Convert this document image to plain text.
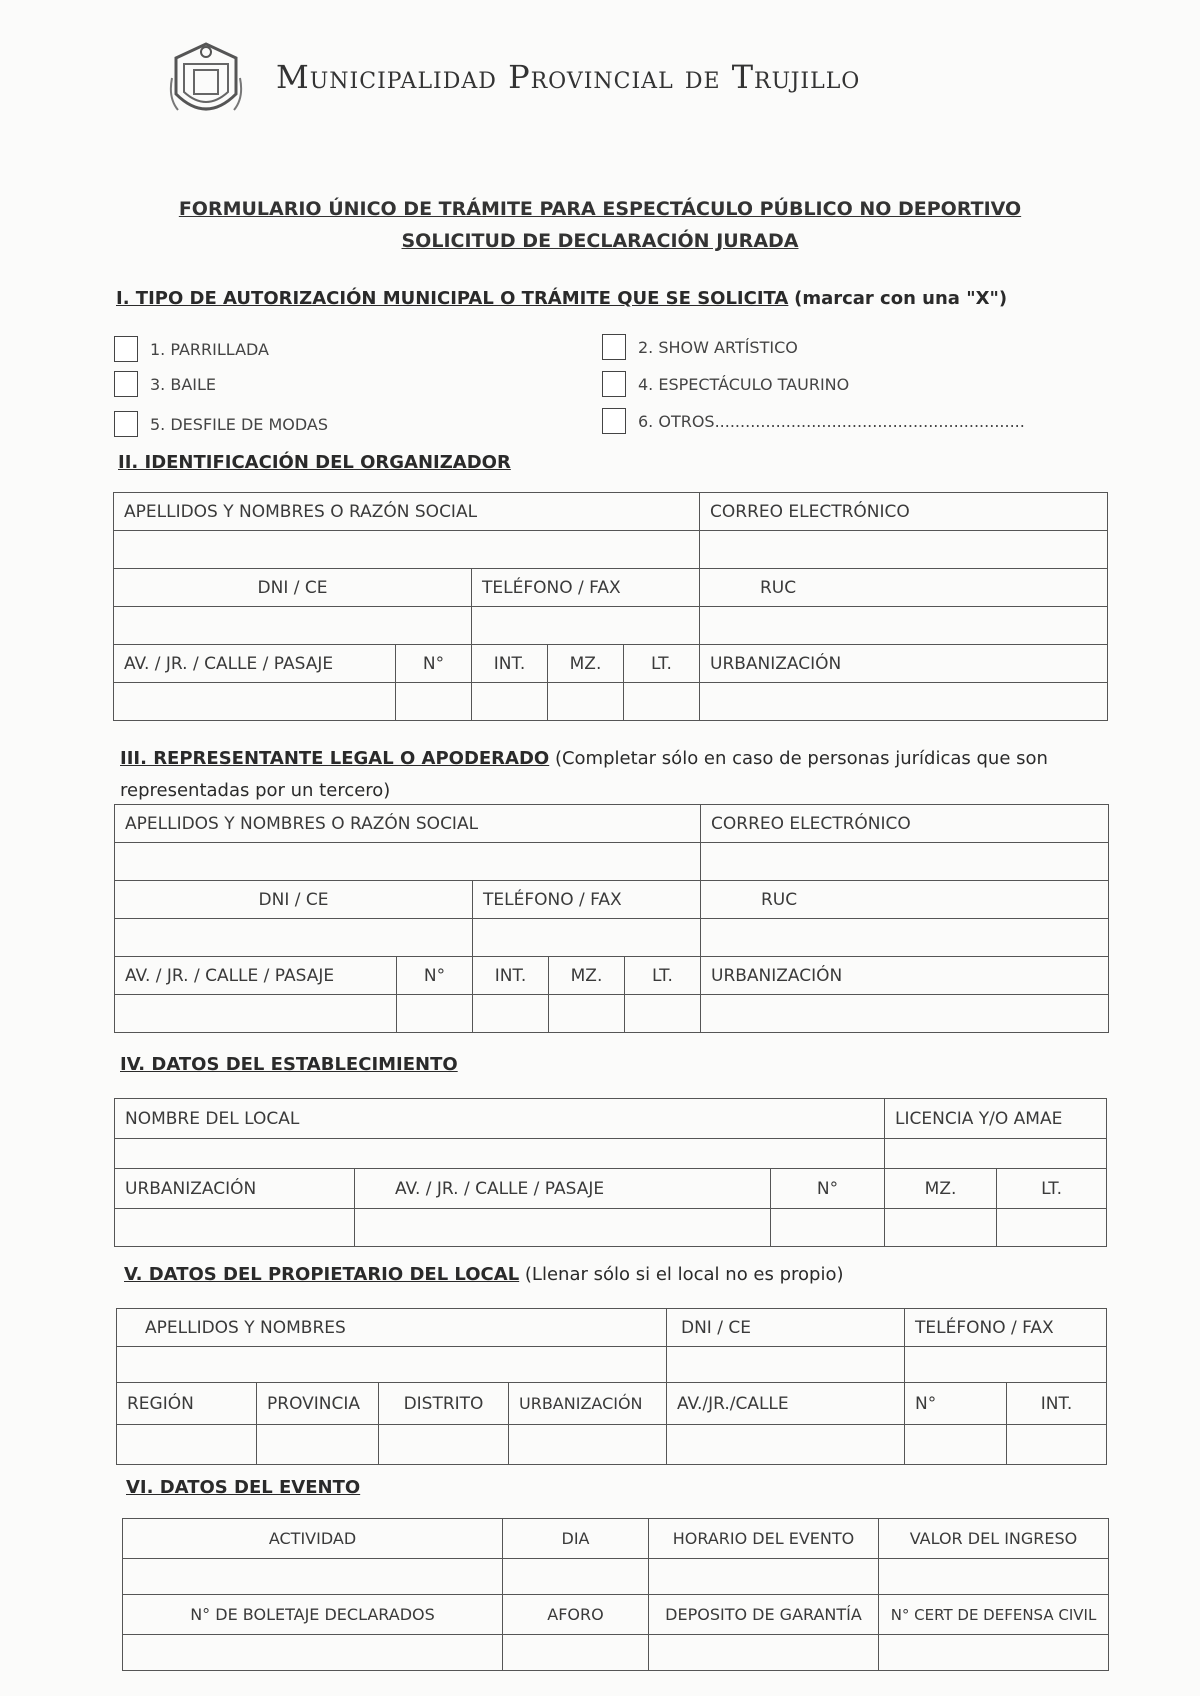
Municipalidad Provincial de Trujillo
FORMULARIO ÚNICO DE TRÁMITE PARA ESPECTÁCULO PÚBLICO NO DEPORTIVO
SOLICITUD DE DECLARACIÓN JURADA
I. TIPO DE AUTORIZACIÓN MUNICIPAL O TRÁMITE QUE SE SOLICITA (marcar con una "X")
1. PARRILLADA	2. SHOW ARTÍSTICO
3. BAILE	4. ESPECTÁCULO TAURINO
5. DESFILE DE MODAS	6. OTROS.............................................................
II. IDENTIFICACIÓN DEL ORGANIZADOR
APELLIDOS Y NOMBRES O RAZÓN SOCIAL					CORREO ELECTRÓNICO

DNI / CE		TELÉFONO / FAX			RUC

AV. / JR. / CALLE / PASAJE	N°	INT.	MZ.	LT.	URBANIZACIÓN

III. REPRESENTANTE LEGAL O APODERADO (Completar sólo en caso de personas jurídicas que son
representadas por un tercero)
APELLIDOS Y NOMBRES O RAZÓN SOCIAL					CORREO ELECTRÓNICO

DNI / CE		TELÉFONO / FAX			RUC

AV. / JR. / CALLE / PASAJE	N°	INT.	MZ.	LT.	URBANIZACIÓN

IV. DATOS DEL ESTABLECIMIENTO
NOMBRE DEL LOCAL			LICENCIA Y/O AMAE	

URBANIZACIÓN	AV. / JR. / CALLE / PASAJE	N°	MZ.	LT.

V. DATOS DEL PROPIETARIO DEL LOCAL (Llenar sólo si el local no es propio)
APELLIDOS Y NOMBRES				DNI / CE	TELÉFONO / FAX	

REGIÓN	PROVINCIA	DISTRITO	URBANIZACIÓN	AV./JR./CALLE	N°	INT.

VI. DATOS DEL EVENTO
ACTIVIDAD	DIA	HORARIO DEL EVENTO	VALOR DEL INGRESO

N° DE BOLETAJE DECLARADOS	AFORO	DEPOSITO DE GARANTÍA	N° CERT DE DEFENSA CIVIL
